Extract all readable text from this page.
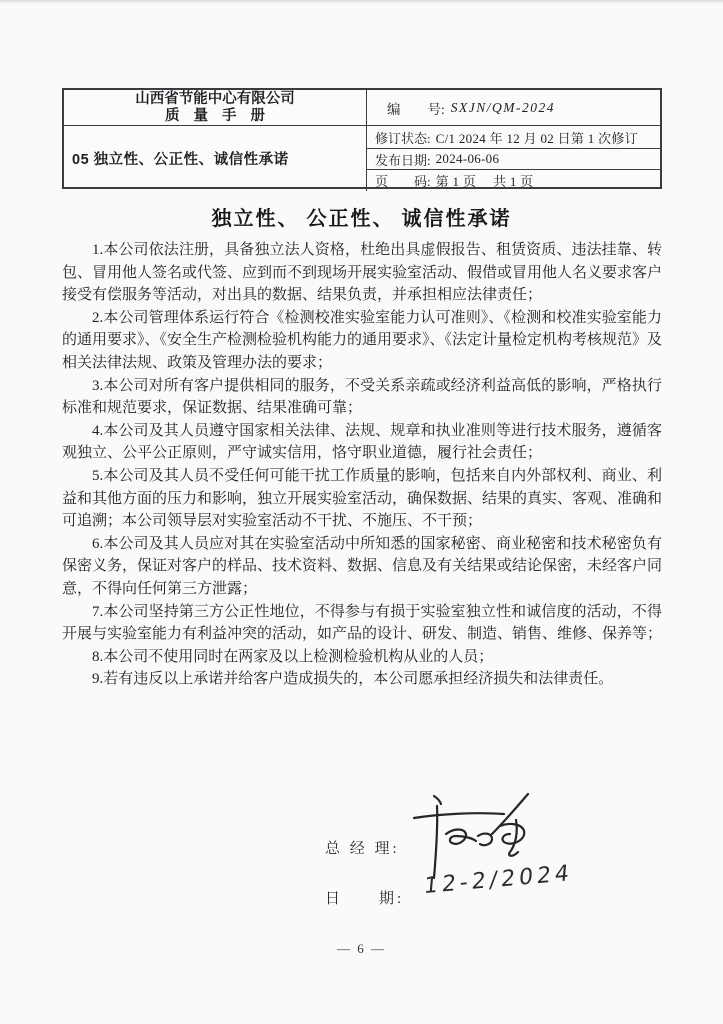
山西省节能中心有限公司
质 量 手 册	编　　号: SXJN/QM-2024
05 独立性、公正性、诚信性承诺
修订状态: C/1 2024 年 12 月 02 日第 1 次修订
发布日期: 2024-06-06
页　　码: 第 1 页　 共 1 页
独立性、 公正性、 诚信性承诺

1.本公司依法注册，具备独立法人资格，杜绝出具虚假报告、租赁资质、违法挂靠、转包、冒用他人签名或代签、应到而不到现场开展实验室活动、假借或冒用他人名义要求客户接受有偿服务等活动，对出具的数据、结果负责，并承担相应法律责任；

2.本公司管理体系运行符合《检测校准实验室能力认可准则》、《检测和校准实验室能力的通用要求》、《安全生产检测检验机构能力的通用要求》、《法定计量检定机构考核规范》及相关法律法规、政策及管理办法的要求；

3.本公司对所有客户提供相同的服务，不受关系亲疏或经济利益高低的影响，严格执行标准和规范要求，保证数据、结果准确可靠；

4.本公司及其人员遵守国家相关法律、法规、规章和执业准则等进行技术服务，遵循客观独立、公平公正原则，严守诚实信用，恪守职业道德，履行社会责任；

5.本公司及其人员不受任何可能干扰工作质量的影响，包括来自内外部权利、商业、利益和其他方面的压力和影响，独立开展实验室活动，确保数据、结果的真实、客观、准确和可追溯；本公司领导层对实验室活动不干扰、不施压、不干预；

6.本公司及其人员应对其在实验室活动中所知悉的国家秘密、商业秘密和技术秘密负有保密义务，保证对客户的样品、技术资料、数据、信息及有关结果或结论保密，未经客户同意，不得向任何第三方泄露；

7.本公司坚持第三方公正性地位，不得参与有损于实验室独立性和诚信度的活动，不得开展与实验室能力有利益冲突的活动，如产品的设计、研发、制造、销售、维修、保养等；

8.本公司不使用同时在两家及以上检测检验机构从业的人员；

9.若有违反以上承诺并给客户造成损失的，本公司愿承担经济损失和法律责任。

总 经 理:
日　　期: 12-2/2024
— 6 —
